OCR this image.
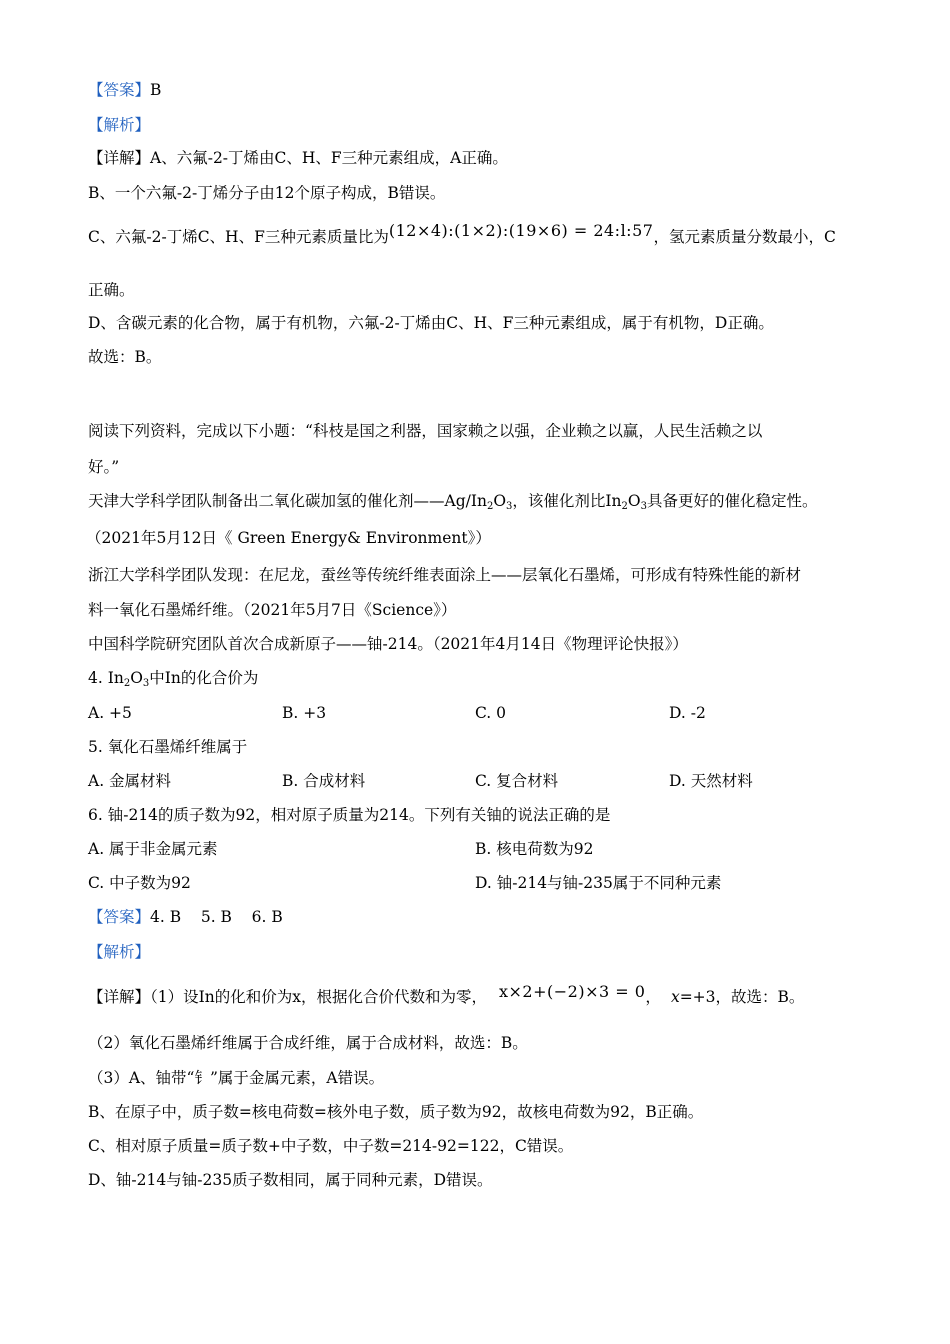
【答案】B
【解析】
【详解】A、六氟-2-丁烯由C、H、F三种元素组成，A正确。
B、一个六氟-2-丁烯分子由12个原子构成，B错误。
C、六氟-2-丁烯C、H、F三种元素质量比为(12×4):(1×2):(19×6) = 24:l:57，氢元素质量分数最小，C
正确。
D、含碳元素的化合物，属于有机物，六氟-2-丁烯由C、H、F三种元素组成，属于有机物，D正确。
故选：B。
阅读下列资料，完成以下小题：“科枝是国之利器，国家赖之以强，企业赖之以赢，人民生活赖之以
好。”
天津大学科学团队制备出二氧化碳加氢的催化剂$——Ag/In_2O_3$，该催化剂比$In_2O_3$具备更好的催化稳定性。
（2021年5月12日《 Green Energy& Environment》）
浙江大学科学团队发现：在尼龙，蚕丝等传统纤维表面涂上——层氧化石墨烯，可形成有特殊性能的新材
料一氧化石墨烯纤维。（2021年5月7日《Science》）
中国科学院研究团队首次合成新原子——铀-214。（2021年4月14日《物理评论快报》）
4. $In_2O_3$中In的化合价为
A. +5	B. +3	C. 0	D. -2
5. 氧化石墨烯纤维属于
A. 金属材料	B. 合成材料	C. 复合材料	D. 天然材料
6. 铀-214的质子数为92，相对原子质量为214。下列有关铀的说法正确的是
A. 属于非金属元素	B. 核电荷数为92
C. 中子数为92	D. 铀-214与铀-235属于不同种元素
【答案】4. B    5. B    6. B
【解析】
【详解】（1）设In的化和价为x，根据化合价代数和为零， x×2+(−2)×3 = 0， x=+3，故选：B。
（2）氧化石墨烯纤维属于合成纤维，属于合成材料，故选：B。
（3）A、铀带“钅”属于金属元素，A错误。
B、在原子中，质子数=核电荷数=核外电子数，质子数为92，故核电荷数为92，B正确。
C、相对原子质量=质子数+中子数，中子数=214-92=122，C错误。
D、铀-214与铀-235质子数相同，属于同种元素，D错误。
